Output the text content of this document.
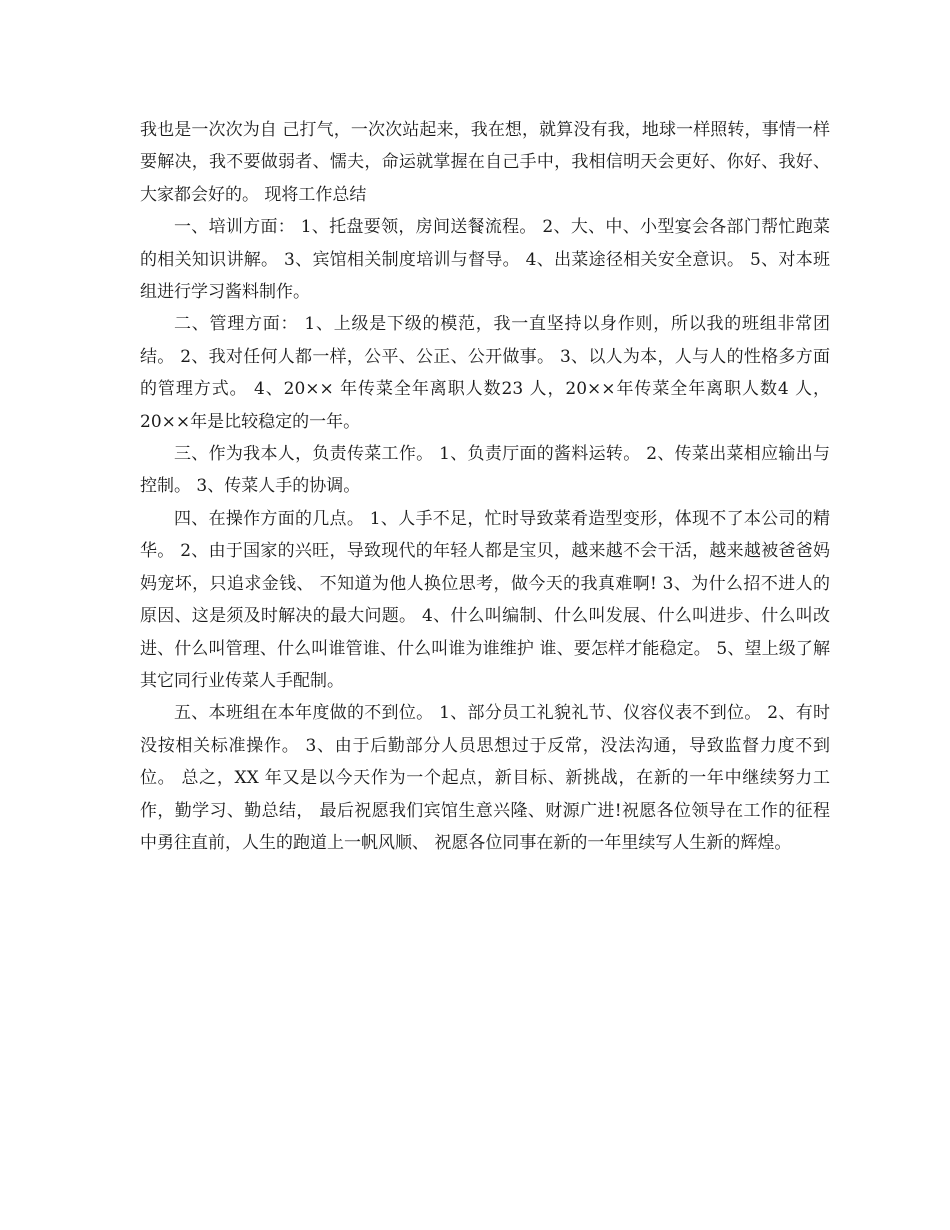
我也是一次次为自 己打气，一次次站起来，我在想，就算没有我，地球一样照转，事情一样要解决，我不要做弱者、懦夫，命运就掌握在自己手中，我相信明天会更好、你好、我好、大家都会好的。 现将工作总结

一、培训方面： 1、托盘要领，房间送餐流程。 2、大、中、小型宴会各部门帮忙跑菜的相关知识讲解。 3、宾馆相关制度培训与督导。 4、出菜途径相关安全意识。 5、对本班组进行学习酱料制作。

二、管理方面： 1、上级是下级的模范，我一直坚持以身作则，所以我的班组非常团结。 2、我对任何人都一样，公平、公正、公开做事。 3、以人为本，人与人的性格多方面的管理方式。 4、20×× 年传菜全年离职人数23 人，20××年传菜全年离职人数4 人， 20××年是比较稳定的一年。

三、作为我本人，负责传菜工作。 1、负责厅面的酱料运转。 2、传菜出菜相应输出与控制。 3、传菜人手的协调。

四、在操作方面的几点。 1、人手不足，忙时导致菜肴造型变形，体现不了本公司的精华。 2、由于国家的兴旺，导致现代的年轻人都是宝贝，越来越不会干活，越来越被爸爸妈妈宠坏，只追求金钱、 不知道为他人换位思考，做今天的我真难啊! 3、为什么招不进人的原因、这是须及时解决的最大问题。 4、什么叫编制、什么叫发展、什么叫进步、什么叫改进、什么叫管理、什么叫谁管谁、什么叫谁为谁维护 谁、要怎样才能稳定。 5、望上级了解其它同行业传菜人手配制。

五、本班组在本年度做的不到位。 1、部分员工礼貌礼节、仪容仪表不到位。 2、有时没按相关标准操作。 3、由于后勤部分人员思想过于反常，没法沟通，导致监督力度不到位。 总之，XX 年又是以今天作为一个起点，新目标、新挑战，在新的一年中继续努力工作，勤学习、勤总结， 最后祝愿我们宾馆生意兴隆、财源广进!祝愿各位领导在工作的征程中勇往直前，人生的跑道上一帆风顺、 祝愿各位同事在新的一年里续写人生新的辉煌。
